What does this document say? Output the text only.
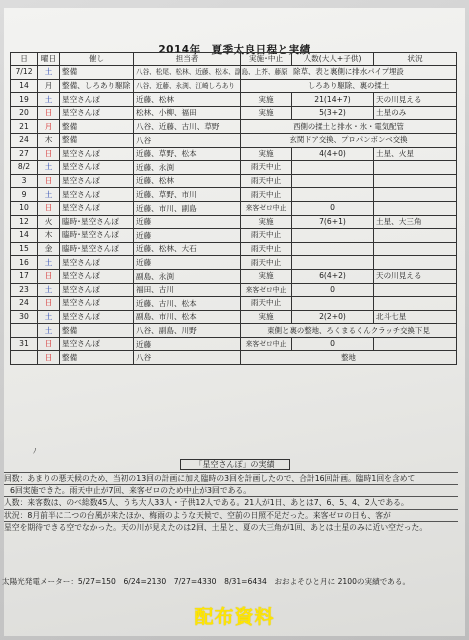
2014年　夏季太良日程と実績
日	曜日	催し	担当者	実施･中止	人数(大人+子供)	状況
7/12	土	整備	八谷、松尾、松林、近藤、松本、副島、上芥、藤原	除草、表と裏側に排水パイプ埋設		
14	月	整備、しろあり駆除	八谷、近藤、永渕、江崎しろあり	しろあり駆除、裏の揉土		
19	土	星空さんぽ	近藤、松林	実施	21(14+7)	天の川見える
20	日	星空さんぽ	松林、小柳、福田	実施	5(3+2)	土星のみ
21	月	整備	八谷、近藤、古川、草野	西側の揉土と排水・氷・電気配管		
24	木	整備	八谷	玄関ドア交換、プロパンボンベ交換		
27	日	星空さんぽ	近藤、草野、松本	実施	4(4+0)	土星、火星
8/2	土	星空さんぽ	近藤、永渕	雨天中止		
3	日	星空さんぽ	近藤、松林	雨天中止		
9	土	星空さんぽ	近藤、草野、市川	雨天中止		
10	日	星空さんぽ	近藤、市川、副島	来客ゼロ中止	0	
12	火	臨時･星空さんぽ	近藤	実施	7(6+1)	土星、大三角
14	木	臨時･星空さんぽ	近藤	雨天中止		
15	金	臨時･星空さんぽ	近藤、松林、大石	雨天中止		
16	土	星空さんぽ	近藤	雨天中止		
17	日	星空さんぽ	副島、永渕	実施	6(4+2)	天の川見える
23	土	星空さんぽ	福田、古川	来客ゼロ中止	0	
24	日	星空さんぽ	近藤、古川、松本	雨天中止		
30	土	星空さんぽ	副島、市川、松本	実施	2(2+0)	北斗七星
	土	整備	八谷、副島、川野	東側と裏の整地、ろくまるくんクラッチ交換下見		
31	日	星空さんぽ	近藤	来客ゼロ中止	0	
	日	整備	八谷	整地		
ﾉ
「星空さんぽ」の実績
回数：あまりの悪天候のため、当初の13回の計画に加え臨時の3回を計画したので、合計16回計画。臨時1回を含めて
6回実施できた。雨天中止が7回、来客ゼロのため中止が3回である。
人数：来客数は、のべ総数45人、うち大人33人・子供12人である。21人が1日、あとは7、6、5、4、2人である。
状況：8月前半に二つの台風が来たほか、梅雨のような天候で、空前の日照不足だった。来客ゼロの日も、客が
星空を期待できる空でなかった。天の川が見えたのは2回、土星と、夏の大三角が1回、あとは土星のみに近い空だった。
太陽光発電メーター：5/27=150　6/24=2130　7/27=4330　8/31=6434　おおよそひと月に 2100の実績である。
配布資料
